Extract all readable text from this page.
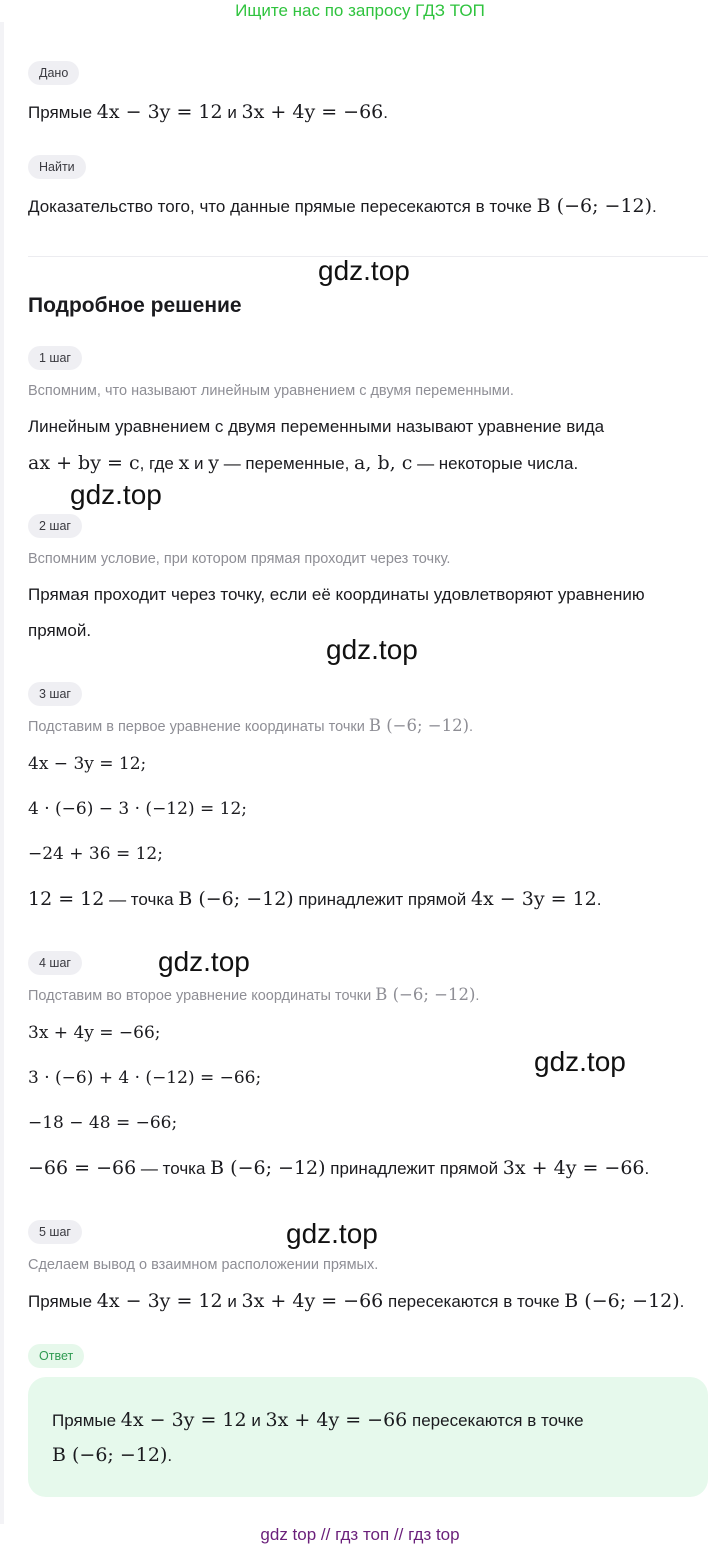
Ищите нас по запросу ГДЗ ТОП
Дано
Прямые 4x − 3y = 12 и 3x + 4y = −66.
Найти
Доказательство того, что данные прямые пересекаются в точке B (−6; −12).
gdz.top
Подробное решение
1 шаг
Вспомним, что называют линейным уравнением с двумя переменными.
Линейным уравнением с двумя переменными называют уравнение вида
ax + by = c, где x и y — переменные, a, b, c — некоторые числа.
gdz.top
2 шаг
Вспомним условие, при котором прямая проходит через точку.
Прямая проходит через точку, если её координаты удовлетворяют уравнению
прямой.
gdz.top
3 шаг
Подставим в первое уравнение координаты точки B (−6; −12).
4x − 3y = 12;
4 · (−6) − 3 · (−12) = 12;
−24 + 36 = 12;
12 = 12 — точка B (−6; −12) принадлежит прямой 4x − 3y = 12.
4 шаг	gdz.top
Подставим во второе уравнение координаты точки B (−6; −12).
3x + 4y = −66;
gdz.top
3 · (−6) + 4 · (−12) = −66;
−18 − 48 = −66;
−66 = −66 — точка B (−6; −12) принадлежит прямой 3x + 4y = −66.
gdz.top
5 шаг
Сделаем вывод о взаимном расположении прямых.
Прямые 4x − 3y = 12 и 3x + 4y = −66 пересекаются в точке B (−6; −12).
Ответ
Прямые 4x − 3y = 12 и 3x + 4y = −66 пересекаются в точке
B (−6; −12).
gdz top // гдз топ // гдз top
